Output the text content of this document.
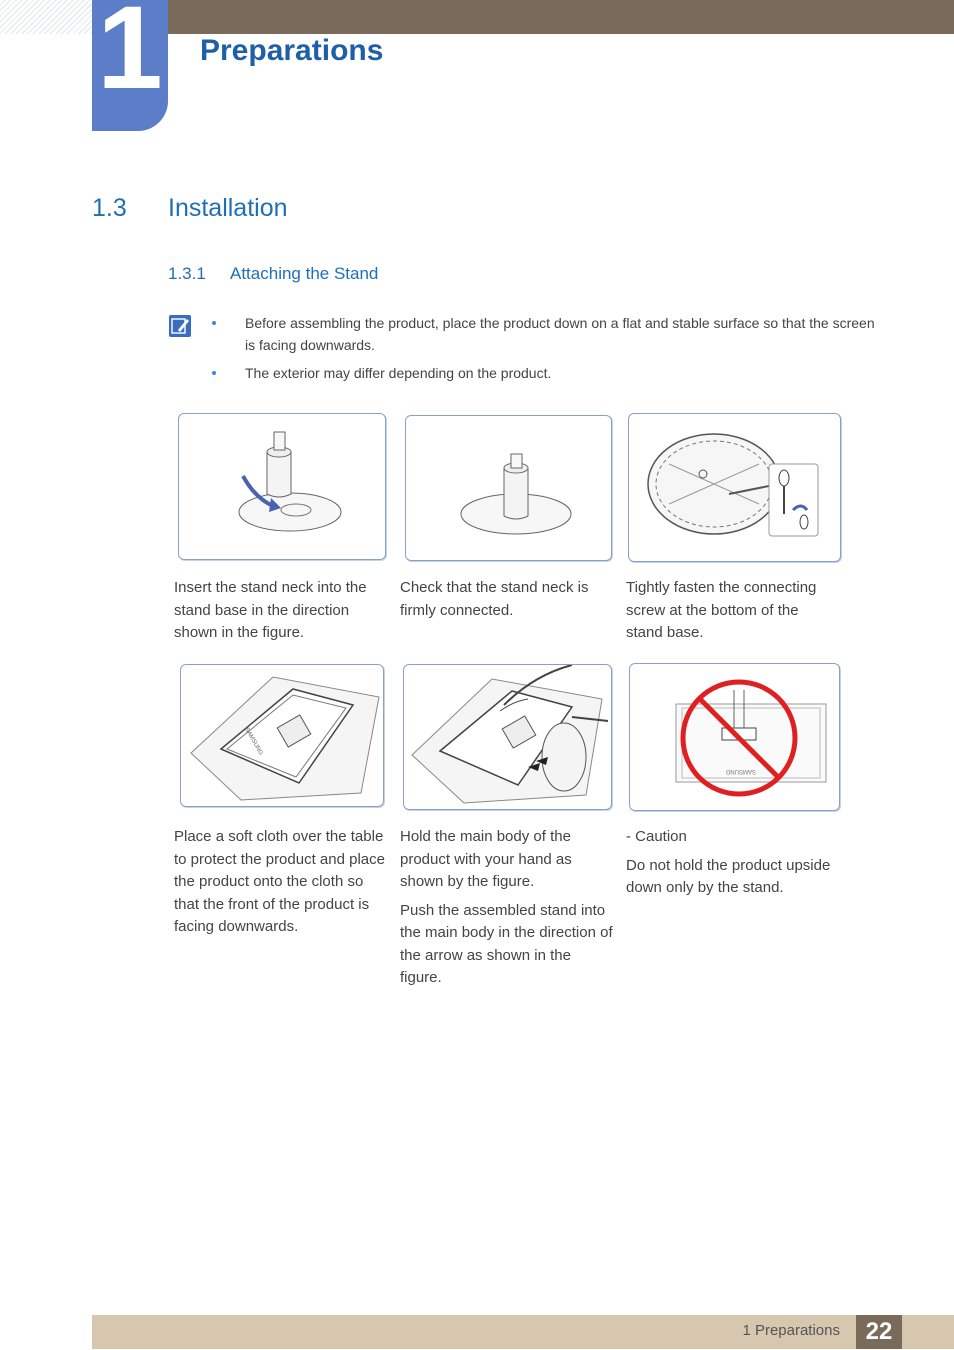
1 Preparations
1.3 Installation
1.3.1 Attaching the Stand
Before assembling the product, place the product down on a flat and stable surface so that the screen is facing downwards.
The exterior may differ depending on the product.

Insert the stand neck into the stand base in the direction shown in the figure.

Check that the stand neck is firmly connected.

Tightly fasten the connecting screw at the bottom of the stand base.

SAMSUNG
SAMSUNG

Place a soft cloth over the table to protect the product and place the product onto the cloth so that the front of the product is facing downwards.

Hold the main body of the product with your hand as shown by the figure.

Push the assembled stand into the main body in the direction of the arrow as shown in the figure.

- Caution

Do not hold the product upside down only by the stand.

1 Preparations	22
